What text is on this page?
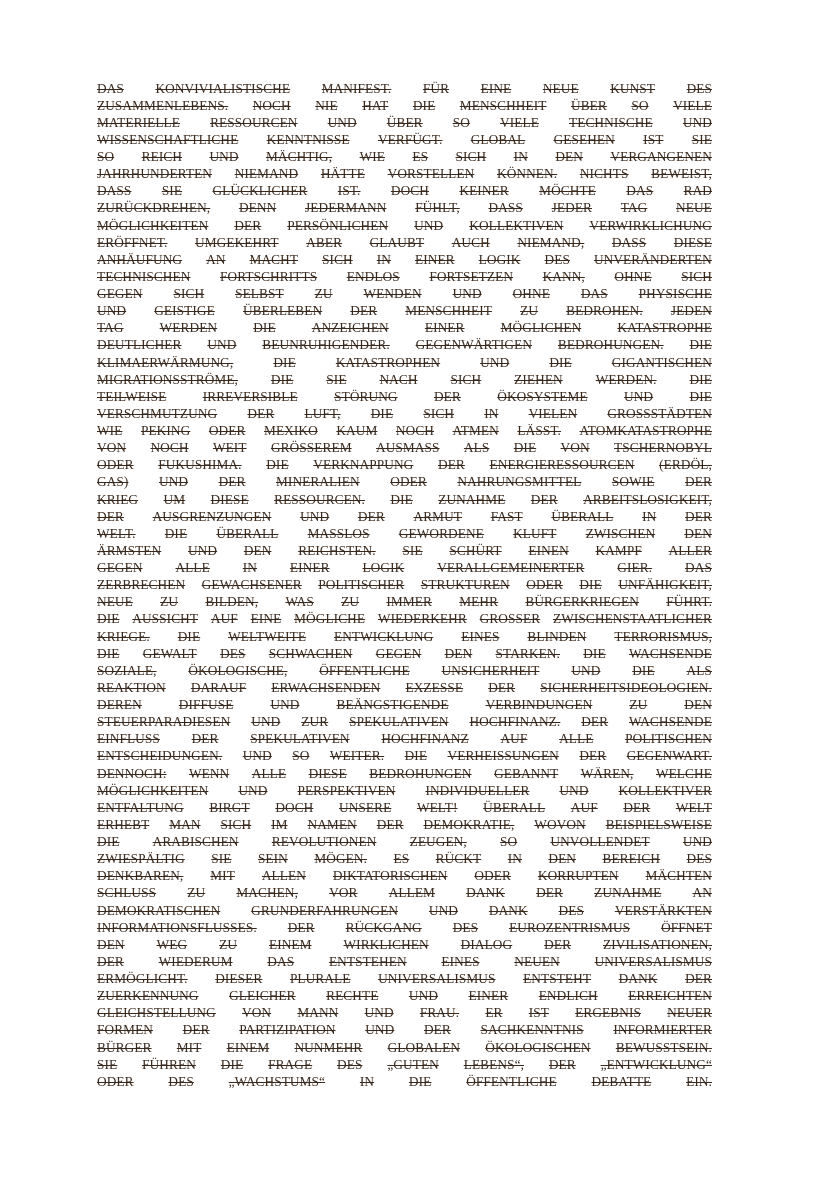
DAS KONVIVIALISTISCHE MANIFEST. FÜR EINE NEUE KUNST DES
ZUSAMMENLEBENS. NOCH NIE HAT DIE MENSCHHEIT ÜBER SO VIELE
MATERIELLE RESSOURCEN UND ÜBER SO VIELE TECHNISCHE UND
WISSENSCHAFTLICHE KENNTNISSE VERFÜGT. GLOBAL GESEHEN IST SIE
SO REICH UND MÄCHTIG, WIE ES SICH IN DEN VERGANGENEN
JAHRHUNDERTEN NIEMAND HÄTTE VORSTELLEN KÖNNEN. NICHTS BEWEIST,
DASS SIE GLÜCKLICHER IST. DOCH KEINER MÖCHTE DAS RAD
ZURÜCKDREHEN, DENN JEDERMANN FÜHLT, DASS JEDER TAG NEUE
MÖGLICHKEITEN DER PERSÖNLICHEN UND KOLLEKTIVEN VERWIRKLICHUNG
ERÖFFNET. UMGEKEHRT ABER GLAUBT AUCH NIEMAND, DASS DIESE
ANHÄUFUNG AN MACHT SICH IN EINER LOGIK DES UNVERÄNDERTEN
TECHNISCHEN FORTSCHRITTS ENDLOS FORTSETZEN KANN, OHNE SICH
GEGEN SICH SELBST ZU WENDEN UND OHNE DAS PHYSISCHE
UND GEISTIGE ÜBERLEBEN DER MENSCHHEIT ZU BEDROHEN. JEDEN
TAG	WERDEN	DIE	ANZEICHEN	EINER	MÖGLICHEN	KATASTROPHE
DEUTLICHER UND BEUNRUHIGENDER. GEGENWÄRTIGEN BEDROHUNGEN. DIE
KLIMAERWÄRMUNG,	DIE	KATASTROPHEN	UND	DIE	GIGANTISCHEN
MIGRATIONSSTRÖME, DIE SIE NACH SICH ZIEHEN WERDEN. DIE
TEILWEISE	IRREVERSIBLE	STÖRUNG	DER	ÖKOSYSTEME	UND	DIE
VERSCHMUTZUNG DER LUFT, DIE SICH IN VIELEN GROSSSTÄDTEN
WIE PEKING ODER MEXIKO KAUM NOCH ATMEN LÄSST. ATOMKATASTROPHE
VON NOCH WEIT GRÖSSEREM AUSMASS ALS DIE VON TSCHERNOBYL
ODER FUKUSHIMA. DIE VERKNAPPUNG DER ENERGIERESSOURCEN (ERDÖL,
GAS) UND DER MINERALIEN ODER NAHRUNGSMITTEL SOWIE DER
KRIEG UM DIESE RESSOURCEN. DIE ZUNAHME DER ARBEITSLOSIGKEIT,
DER AUSGRENZUNGEN UND DER ARMUT FAST ÜBERALL IN DER
WELT. DIE ÜBERALL MASSLOS GEWORDENE KLUFT ZWISCHEN DEN
ÄRMSTEN UND DEN REICHSTEN. SIE SCHÜRT EINEN KAMPF ALLER
GEGEN ALLE IN EINER LOGIK VERALLGEMEINERTER GIER. DAS
ZERBRECHEN GEWACHSENER POLITISCHER STRUKTUREN ODER DIE UNFÄHIGKEIT,
NEUE ZU BILDEN, WAS ZU IMMER MEHR BÜRGERKRIEGEN FÜHRT.
DIE AUSSICHT AUF EINE MÖGLICHE WIEDERKEHR GROSSER ZWISCHENSTAATLICHER
KRIEGE. DIE WELTWEITE ENTWICKLUNG EINES BLINDEN TERRORISMUS,
DIE GEWALT DES SCHWACHEN GEGEN DEN STARKEN. DIE WACHSENDE
SOZIALE, ÖKOLOGISCHE, ÖFFENTLICHE UNSICHERHEIT UND DIE ALS
REAKTION DARAUF ERWACHSENDEN EXZESSE DER SICHERHEITSIDEOLOGIEN.
DEREN	DIFFUSE	UND	BEÄNGSTIGENDE	VERBINDUNGEN	ZU	DEN
STEUERPARADIESEN UND ZUR SPEKULATIVEN HOCHFINANZ. DER WACHSENDE
EINFLUSS DER SPEKULATIVEN HOCHFINANZ AUF ALLE POLITISCHEN
ENTSCHEIDUNGEN. UND SO WEITER. DIE VERHEISSUNGEN DER GEGENWART.
DENNOCH: WENN ALLE DIESE BEDROHUNGEN GEBANNT WÄREN, WELCHE
MÖGLICHKEITEN UND PERSPEKTIVEN INDIVIDUELLER UND KOLLEKTIVER
ENTFALTUNG BIRGT DOCH UNSERE WELT! ÜBERALL AUF DER WELT
ERHEBT MAN SICH IM NAMEN DER DEMOKRATIE, WOVON BEISPIELSWEISE
DIE ARABISCHEN REVOLUTIONEN ZEUGEN, SO UNVOLLENDET UND
ZWIESPÄLTIG SIE SEIN MÖGEN. ES RÜCKT IN DEN BEREICH DES
DENKBAREN, MIT ALLEN DIKTATORISCHEN ODER KORRUPTEN MÄCHTEN
SCHLUSS ZU MACHEN, VOR ALLEM DANK DER ZUNAHME AN
DEMOKRATISCHEN GRUNDERFAHRUNGEN UND DANK DES VERSTÄRKTEN
INFORMATIONSFLUSSES. DER RÜCKGANG DES EUROZENTRISMUS ÖFFNET
DEN WEG ZU EINEM WIRKLICHEN DIALOG DER ZIVILISATIONEN,
DER	WIEDERUM	DAS	ENTSTEHEN	EINES	NEUEN	UNIVERSALISMUS
ERMÖGLICHT. DIESER PLURALE UNIVERSALISMUS ENTSTEHT DANK DER
ZUERKENNUNG GLEICHER RECHTE UND EINER ENDLICH ERREICHTEN
GLEICHSTELLUNG VON MANN UND FRAU. ER IST ERGEBNIS NEUER
FORMEN DER PARTIZIPATION UND DER SACHKENNTNIS INFORMIERTER
BÜRGER MIT EINEM NUNMEHR GLOBALEN ÖKOLOGISCHEN BEWUSSTSEIN.
SIE FÜHREN DIE FRAGE DES „GUTEN LEBENS“, DER „ENTWICKLUNG“
ODER	DES	„WACHSTUMS“	IN	DIE	ÖFFENTLICHE	DEBATTE	EIN.
